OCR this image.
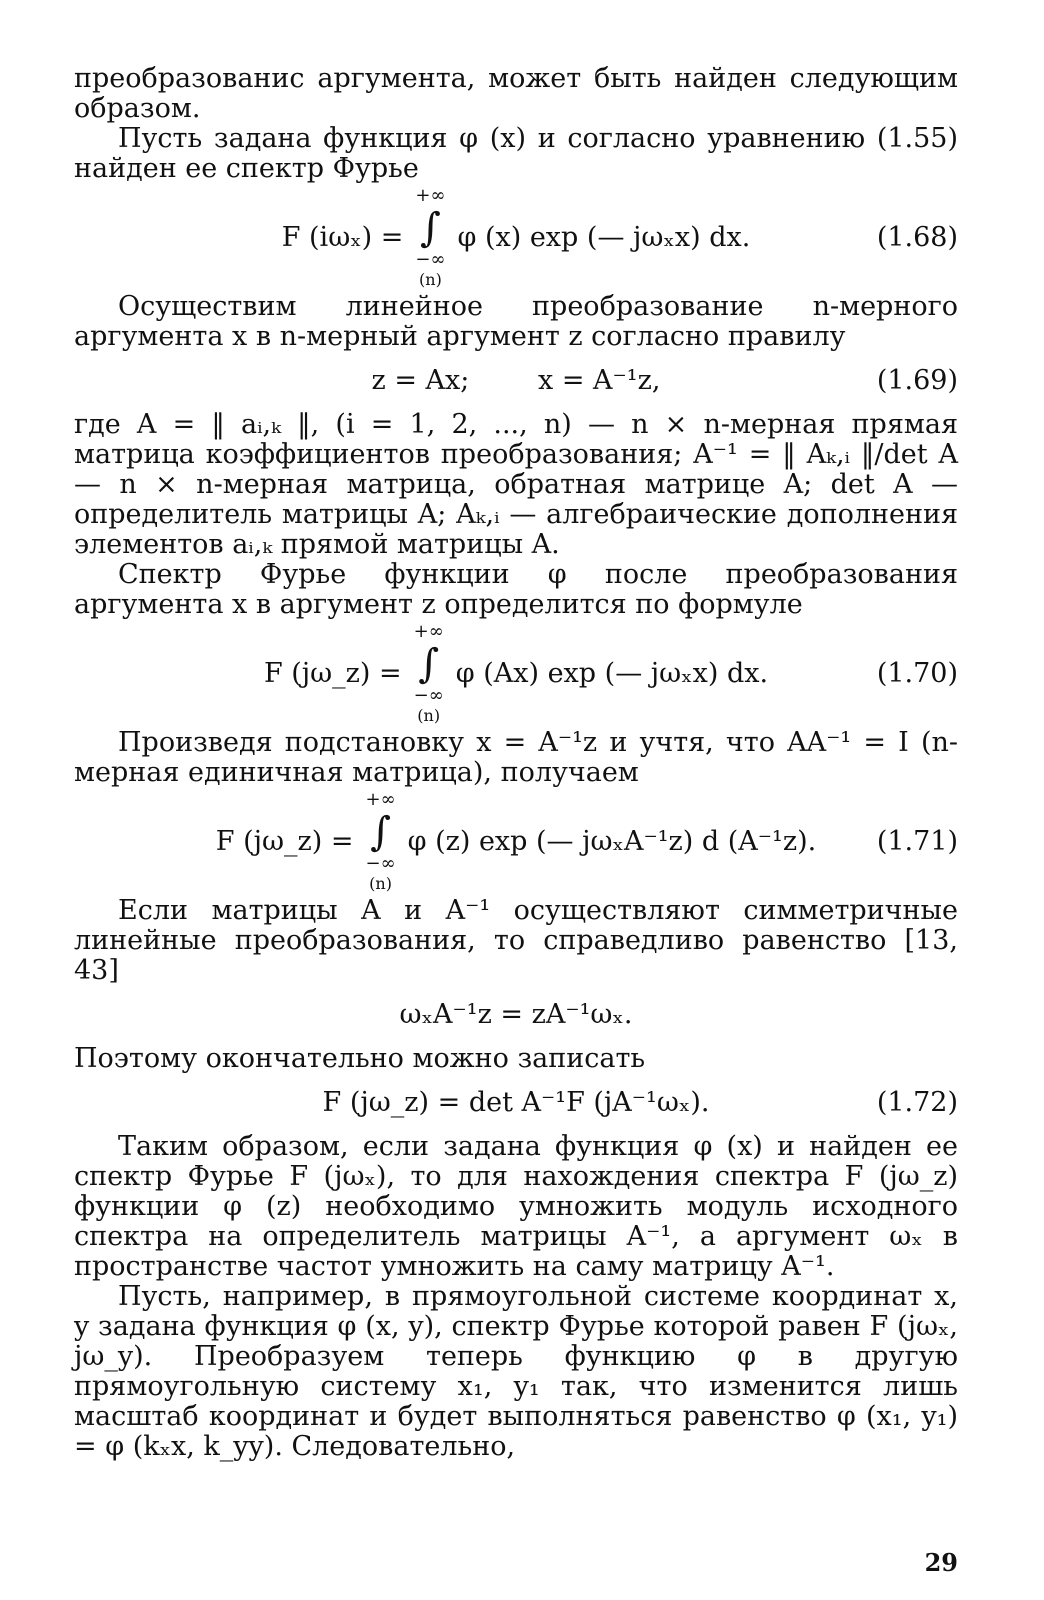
преобразованис аргумента, может быть найден следующим образом.

Пусть задана функция φ (x) и согласно уравнению (1.55) найден ее спектр Фурье

F (iωₓ) =
+∞
∫
−∞
(n)
φ (x) exp (— jωₓx) dx.	(1.68)

Осуществим линейное преобразование n-мерного аргумента x в n-мерный аргумент z согласно правилу

z = Ax;        x = A⁻¹z,	(1.69)

где A = ‖ aᵢ,ₖ ‖, (i = 1, 2, ..., n) — n × n-мерная прямая матрица коэффициентов преобразования; A⁻¹ = ‖ Aₖ,ᵢ ‖/det A — n × n-мерная матрица, обратная матрице A; det A — определитель матрицы A; Aₖ,ᵢ — алгебраические дополнения элементов aᵢ,ₖ прямой матрицы A.

Спектр Фурье функции φ после преобразования аргумента x в аргумент z определится по формуле

F (jω_z) =
+∞
∫
−∞
(n)
φ (Ax) exp (— jωₓx) dx.	(1.70)

Произведя подстановку x = A⁻¹z и учтя, что AA⁻¹ = I (n-мерная единичная матрица), получаем

F (jω_z) =
+∞
∫
−∞
(n)
φ (z) exp (— jωₓA⁻¹z) d (A⁻¹z). (1.71)

Если матрицы A и A⁻¹ осуществляют симметричные линейные преобразования, то справедливо равенство [13, 43]

ωₓA⁻¹z = zA⁻¹ωₓ.

Поэтому окончательно можно записать

F (jω_z) = det A⁻¹F (jA⁻¹ωₓ).	(1.72)

Таким образом, если задана функция φ (x) и найден ее спектр Фурье F (jωₓ), то для нахождения спектра F (jω_z) функции φ (z) необходимо умножить модуль исходного спектра на определитель матрицы A⁻¹, а аргумент ωₓ в пространстве частот умножить на саму матрицу A⁻¹.

Пусть, например, в прямоугольной системе координат x, y задана функция φ (x, y), спектр Фурье которой равен F (jωₓ, jω_y). Преобразуем теперь функцию φ в другую прямоугольную систему x₁, y₁ так, что изменится лишь масштаб координат и будет выполняться равенство φ (x₁, y₁) = φ (kₓx, k_yy). Следовательно,

29
